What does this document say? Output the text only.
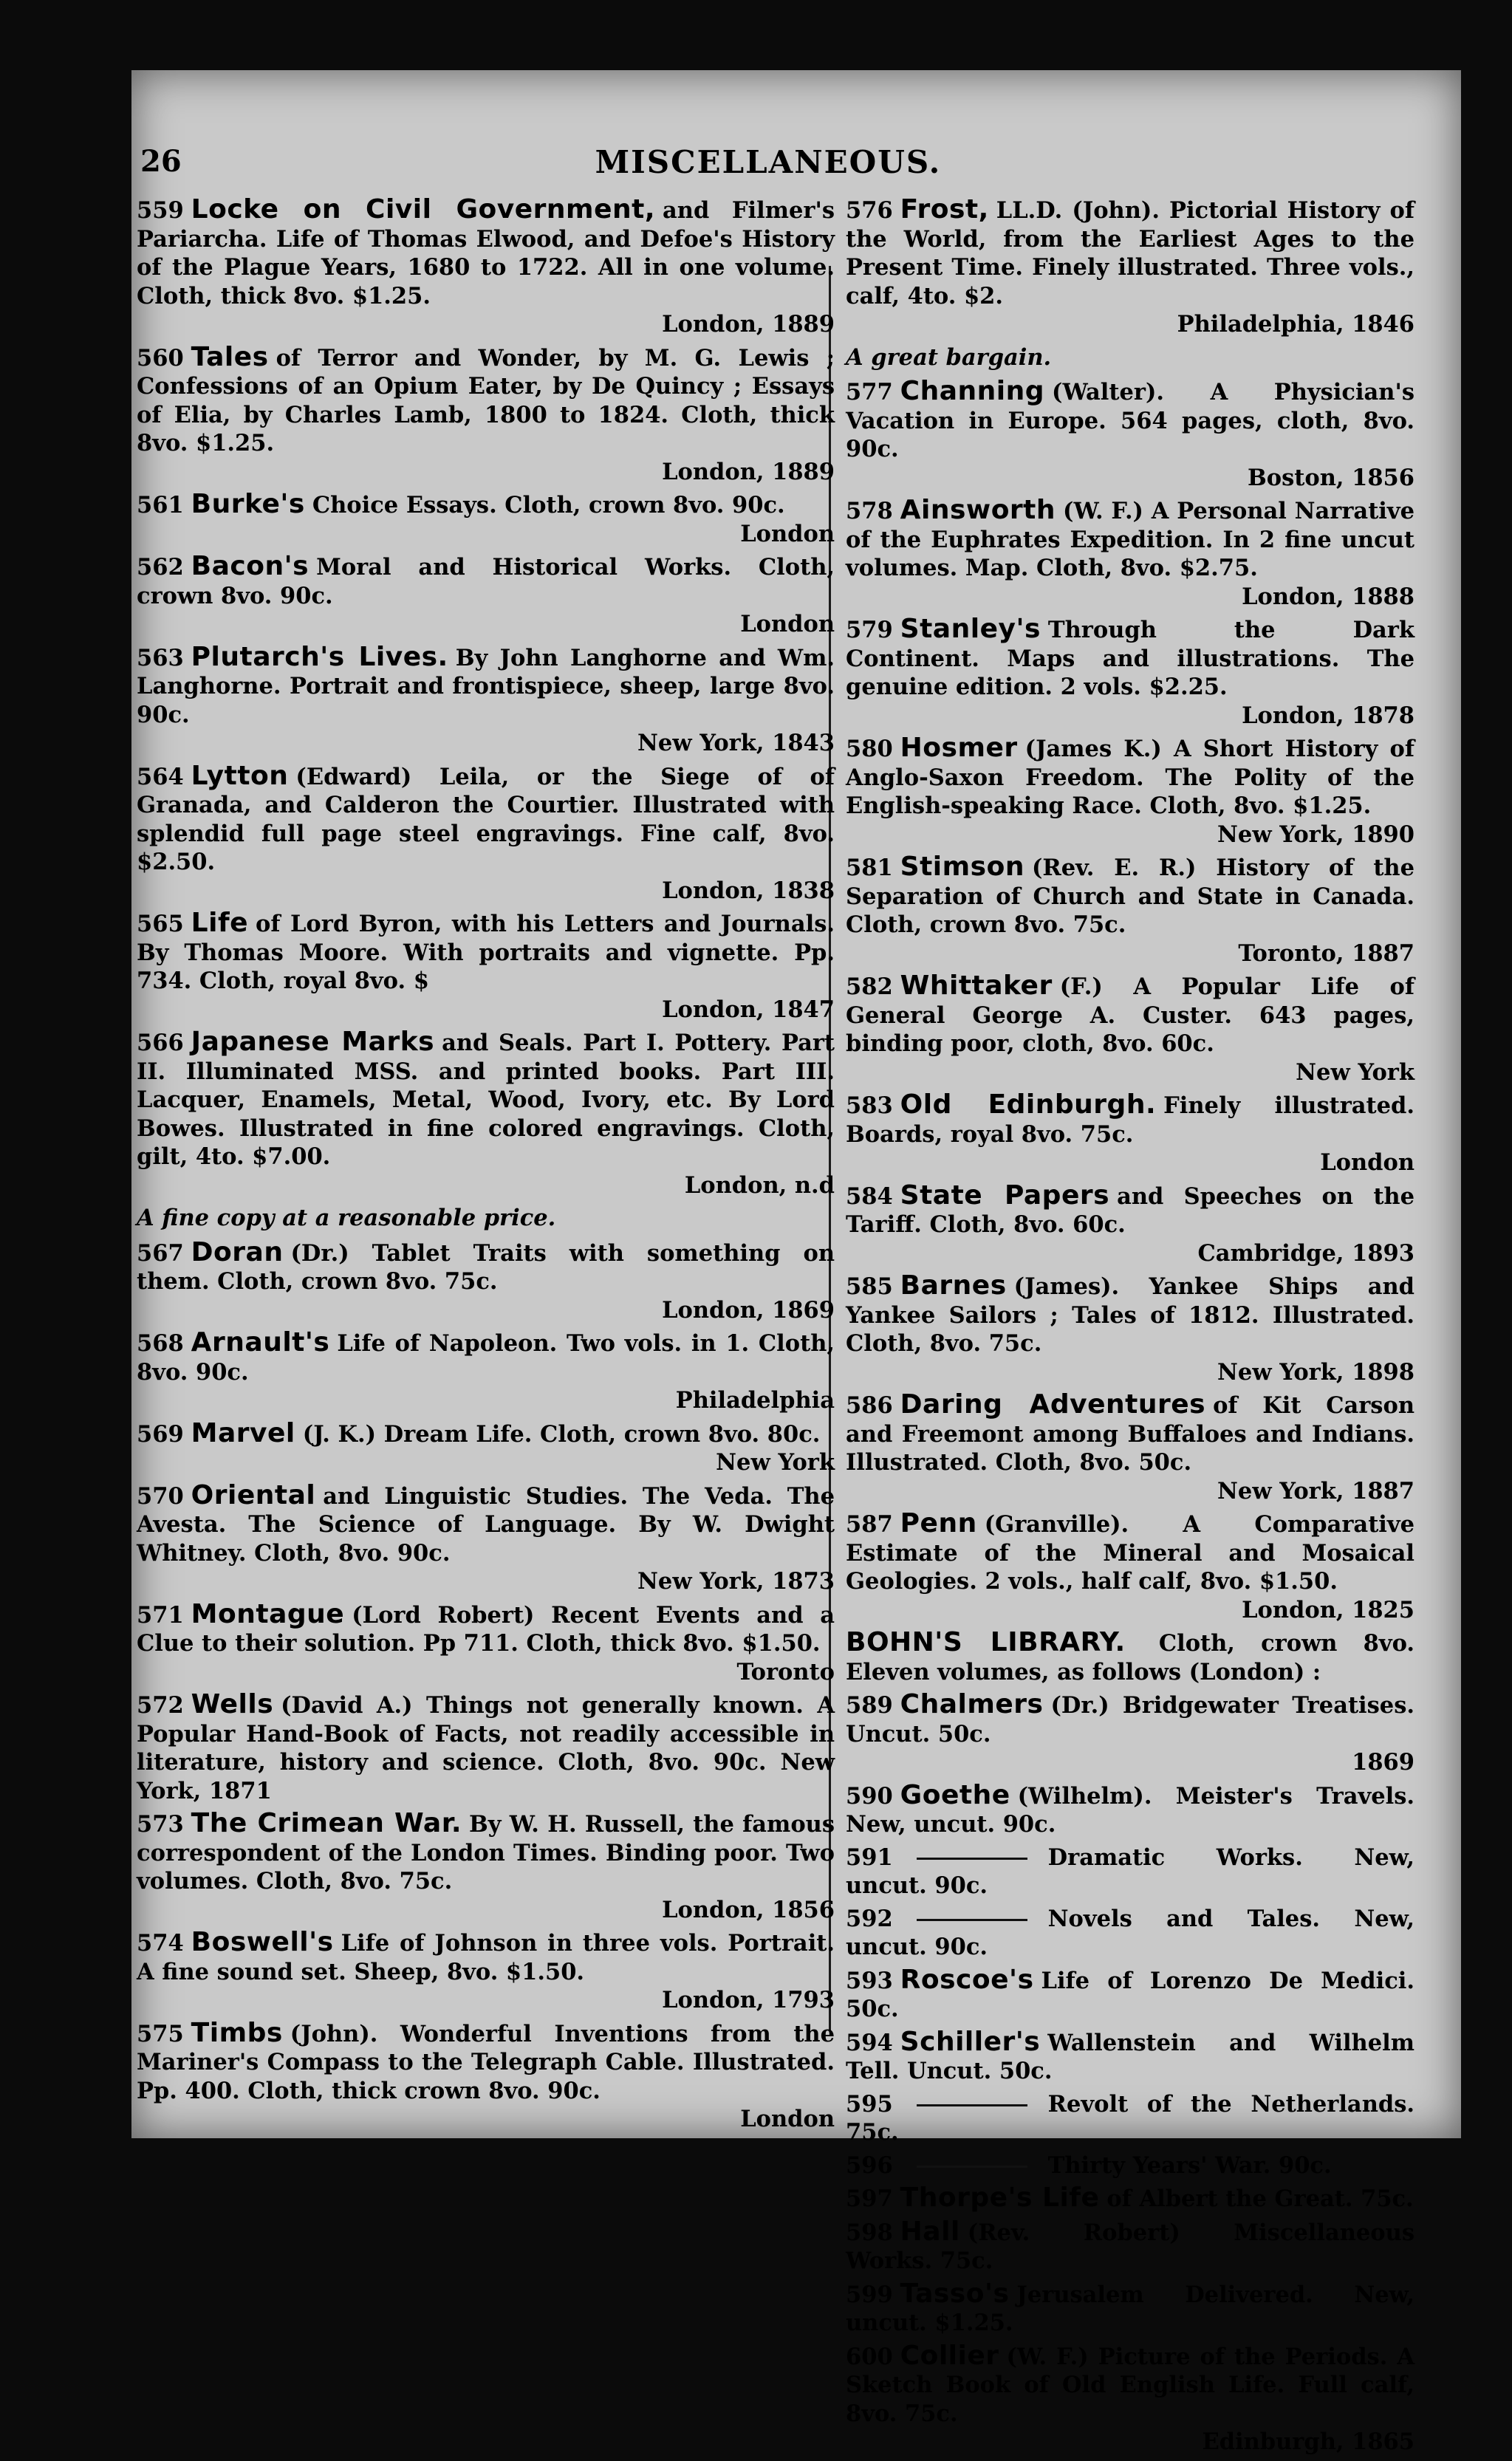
26	MISCELLANEOUS.
559 Locke on Civil Government, and Filmer's Pariarcha. Life of Thomas Elwood, and Defoe's History of the Plague Years, 1680 to 1722. All in one volume. Cloth, thick 8vo. $1.25.
London, 1889
560 Tales of Terror and Wonder, by M. G. Lewis ; Confessions of an Opium Eater, by De Quincy ; Essays of Elia, by Charles Lamb, 1800 to 1824. Cloth, thick 8vo. $1.25.
London, 1889
561 Burke's Choice Essays. Cloth, crown 8vo. 90c.
London
562 Bacon's Moral and Historical Works. Cloth, crown 8vo. 90c.
London
563 Plutarch's Lives. By John Langhorne and Wm. Langhorne. Portrait and frontispiece, sheep, large 8vo. 90c.
New York, 1843
564 Lytton (Edward) Leila, or the Siege of of Granada, and Calderon the Courtier. Illustrated with splendid full page steel engravings. Fine calf, 8vo. $2.50.
London, 1838
565 Life of Lord Byron, with his Letters and Journals. By Thomas Moore. With portraits and vignette. Pp. 734. Cloth, royal 8vo. $
London, 1847
566 Japanese Marks and Seals. Part I. Pottery. Part II. Illuminated MSS. and printed books. Part III. Lacquer, Enamels, Metal, Wood, Ivory, etc. By Lord Bowes. Illustrated in fine colored engravings. Cloth, gilt, 4to. $7.00.
London, n.d
A fine copy at a reasonable price.
567 Doran (Dr.) Tablet Traits with something on them. Cloth, crown 8vo. 75c.
London, 1869
568 Arnault's Life of Napoleon. Two vols. in 1. Cloth, 8vo. 90c.
Philadelphia
569 Marvel (J. K.) Dream Life. Cloth, crown 8vo. 80c.
New York
570 Oriental and Linguistic Studies. The Veda. The Avesta. The Science of Language. By W. Dwight Whitney. Cloth, 8vo. 90c.
New York, 1873
571 Montague (Lord Robert) Recent Events and a Clue to their solution. Pp 711. Cloth, thick 8vo. $1.50.
Toronto
572 Wells (David A.) Things not generally known. A Popular Hand-Book of Facts, not readily accessible in literature, history and science. Cloth, 8vo. 90c. New York, 1871
573 The Crimean War. By W. H. Russell, the famous correspondent of the London Times. Binding poor. Two volumes. Cloth, 8vo. 75c.
London, 1856
574 Boswell's Life of Johnson in three vols. Portrait. A fine sound set. Sheep, 8vo. $1.50.
London, 1793
575 Timbs (John). Wonderful Inventions from the Mariner's Compass to the Telegraph Cable. Illustrated. Pp. 400. Cloth, thick crown 8vo. 90c.
London
576 Frost, LL.D. (John). Pictorial History of the World, from the Earliest Ages to the Present Time. Finely illustrated. Three vols., calf, 4to. $2.
Philadelphia, 1846
A great bargain.
577 Channing (Walter). A Physician's Vacation in Europe. 564 pages, cloth, 8vo. 90c.
Boston, 1856
578 Ainsworth (W. F.) A Personal Narrative of the Euphrates Expedition. In 2 fine uncut volumes. Map. Cloth, 8vo. $2.75.
London, 1888
579 Stanley's Through the Dark Continent. Maps and illustrations. The genuine edition. 2 vols. $2.25.
London, 1878
580 Hosmer (James K.) A Short History of Anglo-Saxon Freedom. The Polity of the English-speaking Race. Cloth, 8vo. $1.25.
New York, 1890
581 Stimson (Rev. E. R.) History of the Separation of Church and State in Canada. Cloth, crown 8vo. 75c.
Toronto, 1887
582 Whittaker (F.) A Popular Life of General George A. Custer. 643 pages, binding poor, cloth, 8vo. 60c.
New York
583 Old Edinburgh. Finely illustrated. Boards, royal 8vo. 75c.
London
584 State Papers and Speeches on the Tariff. Cloth, 8vo. 60c.
Cambridge, 1893
585 Barnes (James). Yankee Ships and Yankee Sailors ; Tales of 1812. Illustrated. Cloth, 8vo. 75c.
New York, 1898
586 Daring Adventures of Kit Carson and Freemont among Buffaloes and Indians. Illustrated. Cloth, 8vo. 50c.
New York, 1887
587 Penn (Granville). A Comparative Estimate of the Mineral and Mosaical Geologies. 2 vols., half calf, 8vo. $1.50.
London, 1825
BOHN'S LIBRARY. Cloth, crown 8vo. Eleven volumes, as follows (London) :
589 Chalmers (Dr.) Bridgewater Treatises. Uncut. 50c.
1869
590 Goethe (Wilhelm). Meister's Travels. New, uncut. 90c.
591	Dramatic Works. New, uncut. 90c.
592	Novels and Tales. New, uncut. 90c.
593 Roscoe's Life of Lorenzo De Medici. 50c.
594 Schiller's Wallenstein and Wilhelm Tell. Uncut. 50c.
595	Revolt of the Netherlands. 75c.
596	Thirty Years' War. 90c.
597 Thorpe's Life of Albert the Great. 75c.
598 Hall (Rev. Robert) Miscellaneous Works. 75c.
599 Tasso's Jerusalem Delivered. New, uncut. $1.25.
600 Collier (W. F.) Picture of the Periods. A Sketch Book of Old English Life. Full calf, 8vo. 75c.
Edinburgh, 1865
